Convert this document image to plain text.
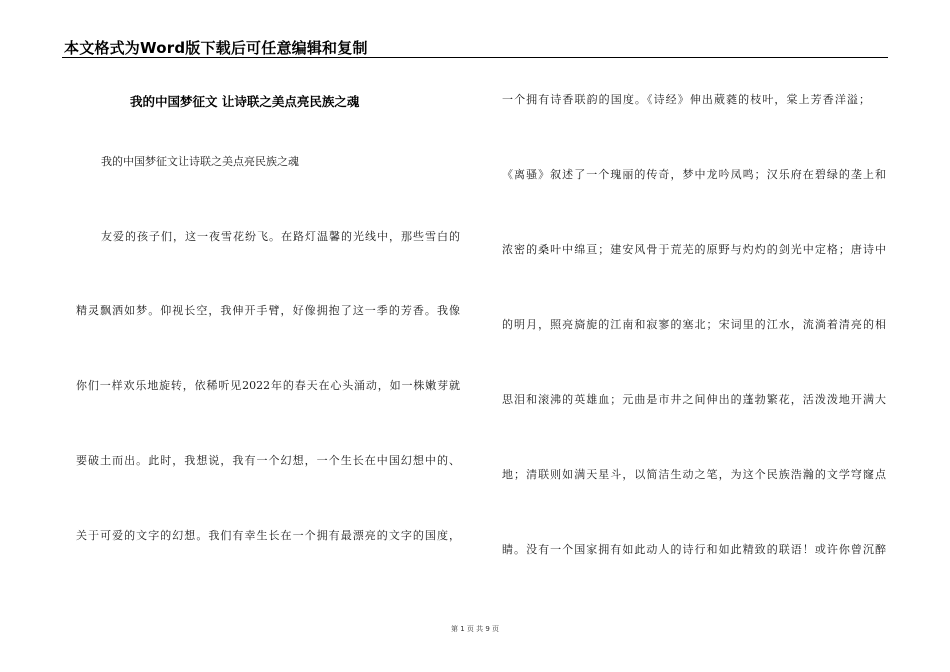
本文格式为Word版下载后可任意编辑和复制
我的中国梦征文 让诗联之美点亮民族之魂
我的中国梦征文让诗联之美点亮民族之魂
友爱的孩子们，这一夜雪花纷飞。在路灯温馨的光线中，那些雪白的
精灵飘洒如梦。仰视长空，我伸开手臂，好像拥抱了这一季的芳香。我像
你们一样欢乐地旋转，依稀听见2022年的春天在心头涌动，如一株嫩芽就
要破土而出。此时，我想说，我有一个幻想，一个生长在中国幻想中的、
关于可爱的文字的幻想。我们有幸生长在一个拥有最漂亮的文字的国度，
一个拥有诗香联韵的国度。《诗经》伸出葳蕤的枝叶，棠上芳香洋溢；
《离骚》叙述了一个瑰丽的传奇，梦中龙吟凤鸣；汉乐府在碧绿的垄上和
浓密的桑叶中绵亘；建安风骨于荒芜的原野与灼灼的剑光中定格；唐诗中
的明月，照亮旖旎的江南和寂寥的塞北；宋词里的江水，流淌着清亮的相
思泪和滚沸的英雄血；元曲是市井之间伸出的蓬勃繁花，活泼泼地开满大
地；清联则如满天星斗，以简洁生动之笔，为这个民族浩瀚的文学穹窿点
睛。没有一个国家拥有如此动人的诗行和如此精致的联语！或许你曾沉醉
第 1 页 共 9 页
